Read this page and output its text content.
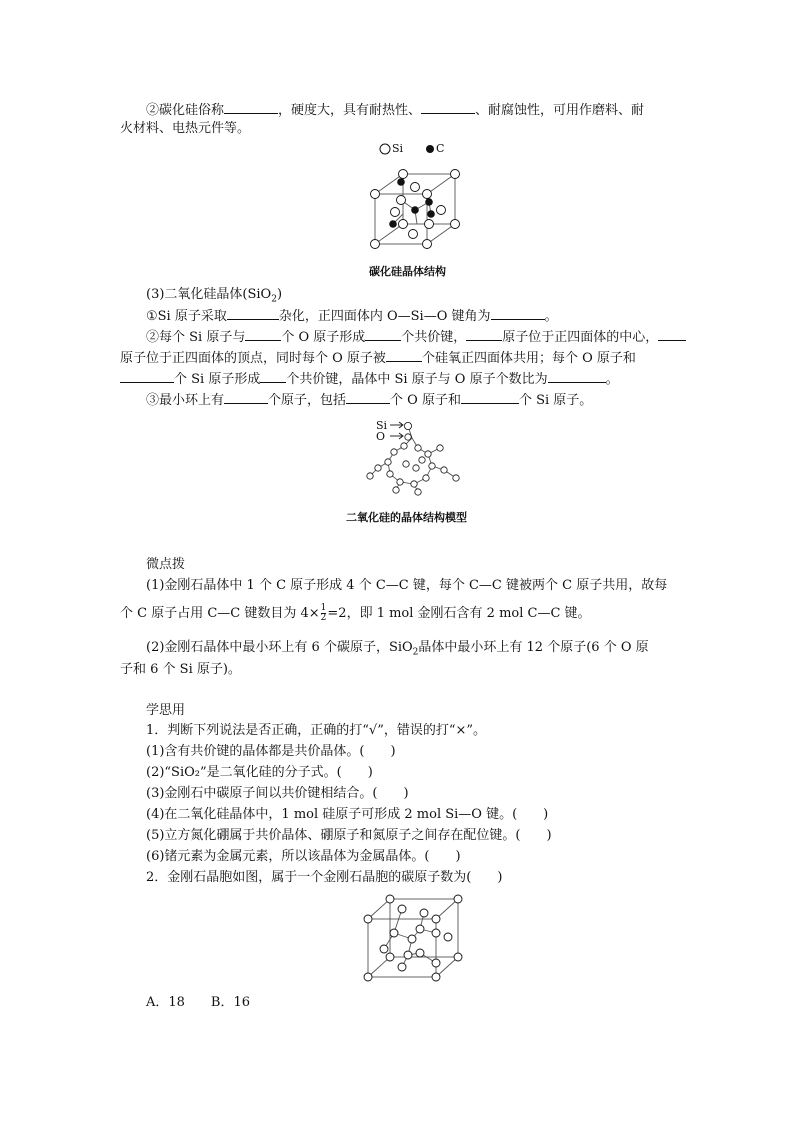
②碳化硅俗称	，硬度大，具有耐热性、	、耐腐蚀性，可用作磨料、耐
火材料、电热元件等。
Si	C
碳化硅晶体结构
(3)二氧化硅晶体(SiO$_2$)
①Si 原子采取	杂化，正四面体内 O—Si—O 键角为	。
②每个 Si 原子与	个 O 原子形成	个共价键，	原子位于正四面体的中心，
原子位于正四面体的顶点，同时每个 O 原子被	个硅氧正四面体共用；每个 O 原子和
个 Si 原子形成 个共价键，晶体中 Si 原子与 O 原子个数比为	。
③最小环上有	个原子，包括	个 O 原子和	个 Si 原子。
Si
O
二氧化硅的晶体结构模型
微点拨
(1)金刚石晶体中 1 个 C 原子形成 4 个 C—C 键，每个 C—C 键被两个 C 原子共用，故每
个 C 原子占用 C—C 键数目为 $4\times \frac{1}{2} =2$，即 1 mol 金刚石含有 2 mol C—C 键。
(2)金刚石晶体中最小环上有 6 个碳原子，SiO$_2$晶体中最小环上有 12 个原子(6 个 O 原
子和 6 个 Si 原子)。
学思用
1．判断下列说法是否正确，正确的打“√”，错误的打“×”。
(1)含有共价键的晶体都是共价晶体。(　　)
(2)“SiO₂”是二氧化硅的分子式。(　　)
(3)金刚石中碳原子间以共价键相结合。(　　)
(4)在二氧化硅晶体中，1 mol 硅原子可形成 2 mol Si—O 键。(　　)
(5)立方氮化硼属于共价晶体、硼原子和氮原子之间存在配位键。(　　)
(6)锗元素为金属元素，所以该晶体为金属晶体。(　　)
2．金刚石晶胞如图，属于一个金刚石晶胞的碳原子数为(　　)
A．18　　B．16
